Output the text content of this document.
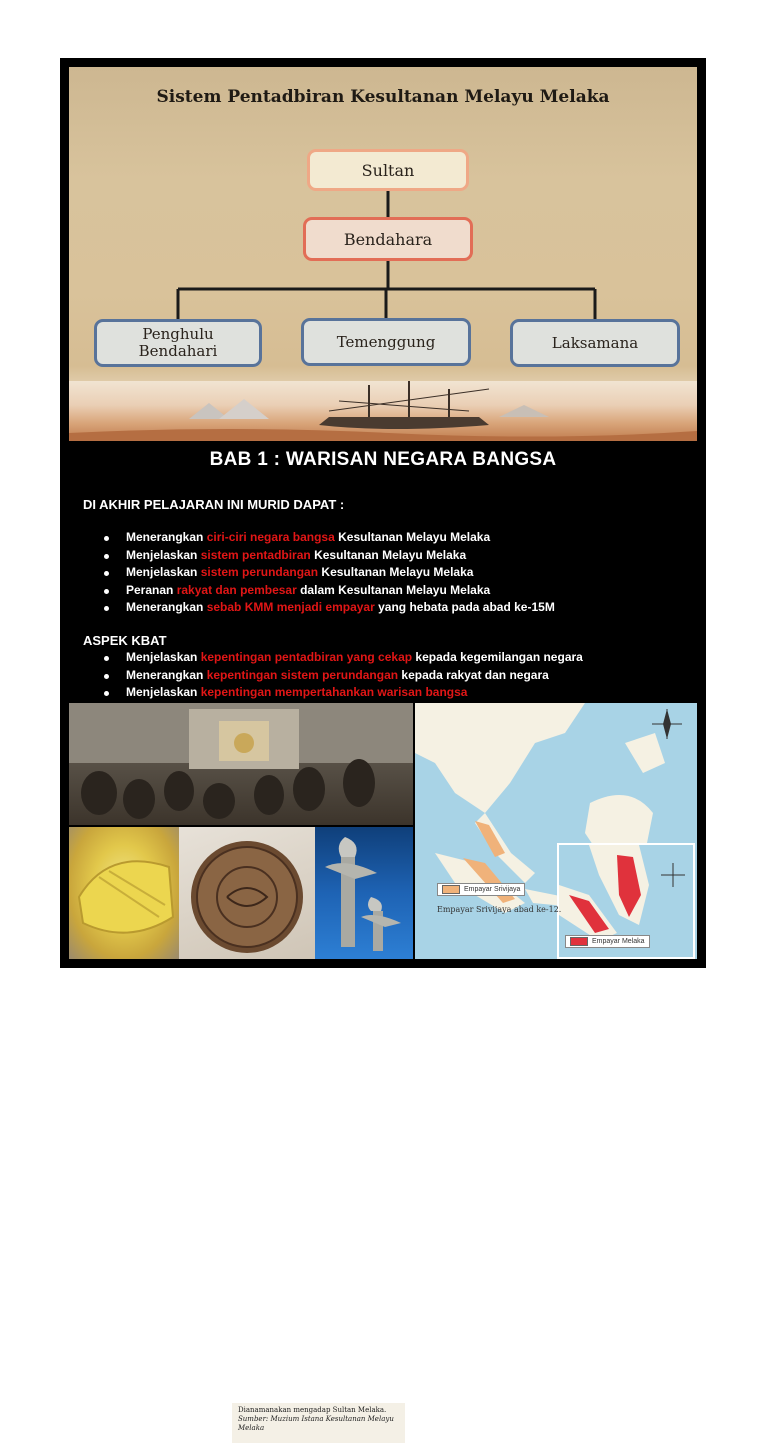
Sistem Pentadbiran Kesultanan Melayu Melaka
Sultan
Bendahara
Penghulu
Bendahari
Temenggung	Laksamana
BAB 1 : WARISAN NEGARA BANGSA
DI AKHIR PELAJARAN INI MURID DAPAT :
Menerangkan ciri-ciri negara bangsa Kesultanan Melayu Melaka
Menjelaskan sistem pentadbiran Kesultanan Melayu Melaka
Menjelaskan sistem perundangan Kesultanan Melayu Melaka
Peranan rakyat dan pembesar dalam Kesultanan Melayu Melaka
Menerangkan sebab KMM menjadi empayar yang hebata pada abad ke-15M
ASPEK KBAT
Menjelaskan kepentingan pentadbiran yang cekap kepada kegemilangan negara
Menerangkan kepentingan sistem perundangan kepada rakyat dan negara
Menjelaskan kepentingan mempertahankan warisan bangsa
Dianamanakan mengadap Sultan Melaka.
Sumber: Muzium Istana Kesultanan Melayu Melaka
Empayar Srivijaya
Empayar Melaka
Empayar Srivijaya abad ke-12.
